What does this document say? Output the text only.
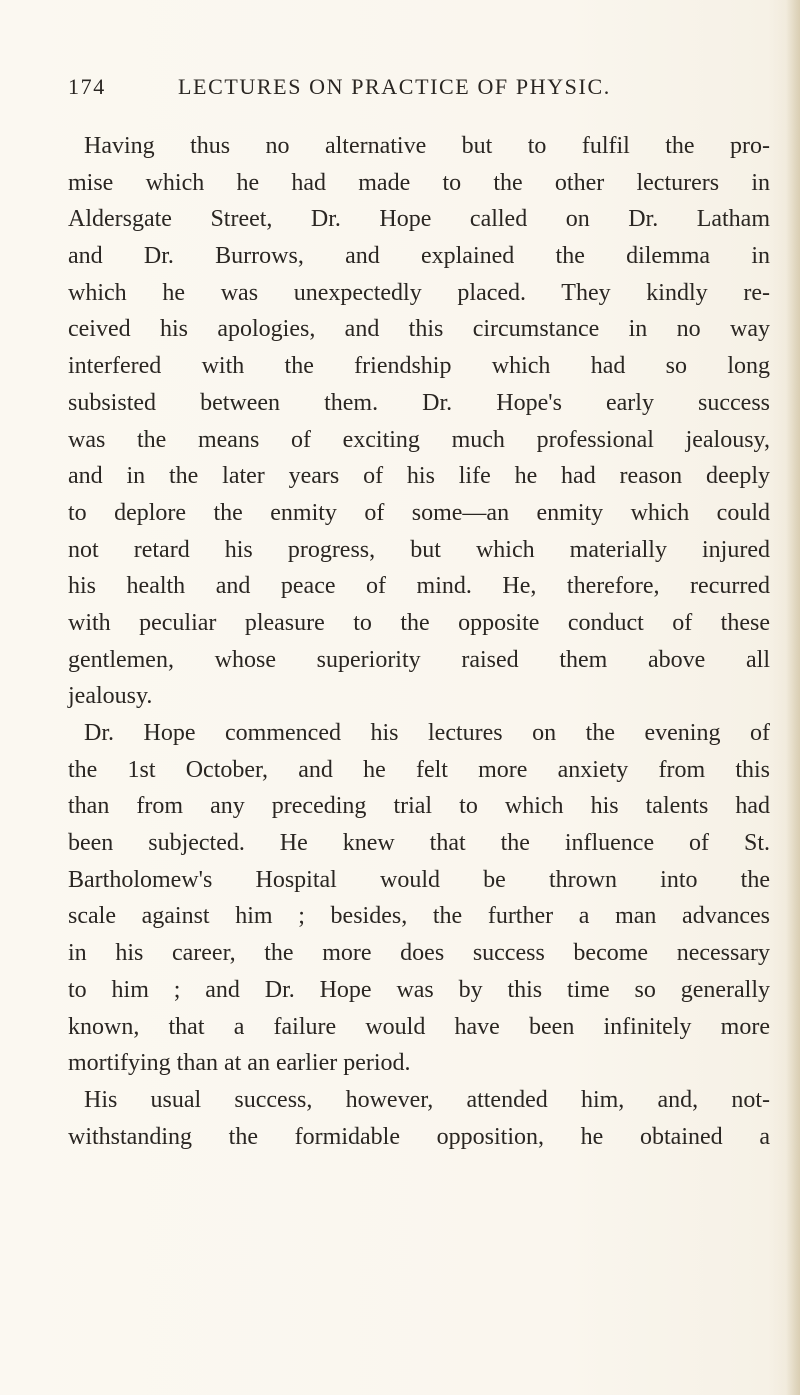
174	LECTURES ON PRACTICE OF PHYSIC.
Having thus no alternative but to fulfil the pro-
mise which he had made to the other lecturers in
Aldersgate Street, Dr. Hope called on Dr. Latham
and Dr. Burrows, and explained the dilemma in
which he was unexpectedly placed. They kindly re-
ceived his apologies, and this circumstance in no way
interfered with the friendship which had so long
subsisted between them. Dr. Hope's early success
was the means of exciting much professional jealousy,
and in the later years of his life he had reason deeply
to deplore the enmity of some—an enmity which could
not retard his progress, but which materially injured
his health and peace of mind. He, therefore, recurred
with peculiar pleasure to the opposite conduct of these
gentlemen, whose superiority raised them above all
jealousy.
Dr. Hope commenced his lectures on the evening of
the 1st October, and he felt more anxiety from this
than from any preceding trial to which his talents had
been subjected. He knew that the influence of St.
Bartholomew's Hospital would be thrown into the
scale against him ; besides, the further a man advances
in his career, the more does success become necessary
to him ; and Dr. Hope was by this time so generally
known, that a failure would have been infinitely more
mortifying than at an earlier period.
His usual success, however, attended him, and, not-
withstanding the formidable opposition, he obtained a
